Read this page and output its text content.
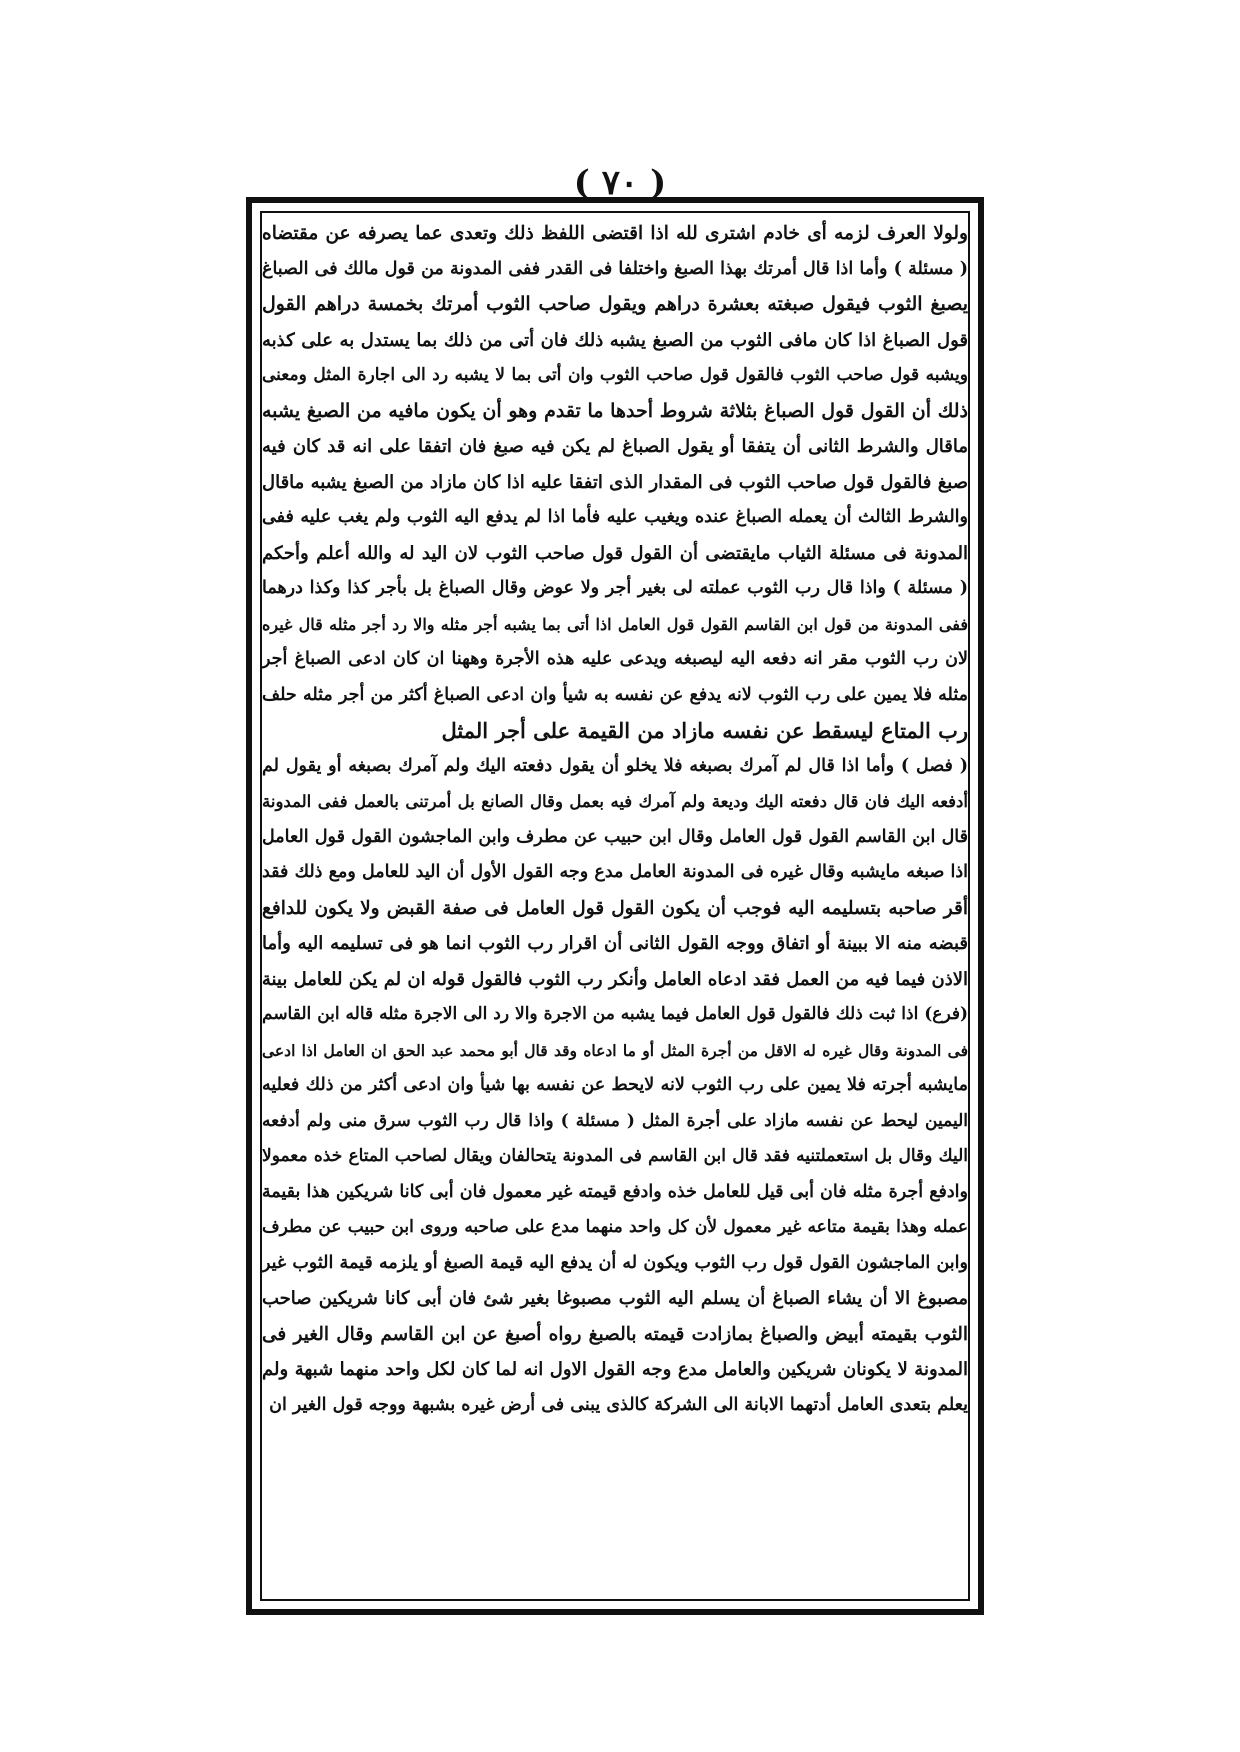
( ٧٠ )
ولولا العرف لزمه أى خادم اشترى لله اذا اقتضى اللفظ ذلك وتعدى عما يصرفه عن مقتضاه
( مسئلة ) وأما اذا قال أمرتك بهذا الصبغ واختلفا فى القدر ففى المدونة من قول مالك فى الصباغ
يصبغ الثوب فيقول صبغته بعشرة دراهم ويقول صاحب الثوب أمرتك بخمسة دراهم القول
قول الصباغ اذا كان مافى الثوب من الصبغ يشبه ذلك فان أتى من ذلك بما يستدل به على كذبه
ويشبه قول صاحب الثوب فالقول قول صاحب الثوب وان أتى بما لا يشبه رد الى اجارة المثل ومعنى
ذلك أن القول قول الصباغ بثلاثة شروط أحدها ما تقدم وهو أن يكون مافيه من الصبغ يشبه
ماقال والشرط الثانى أن يتفقا أو يقول الصباغ لم يكن فيه صبغ فان اتفقا على انه قد كان فيه
صبغ فالقول قول صاحب الثوب فى المقدار الذى اتفقا عليه اذا كان مازاد من الصبغ يشبه ماقال
والشرط الثالث أن يعمله الصباغ عنده ويغيب عليه فأما اذا لم يدفع اليه الثوب ولم يغب عليه ففى
المدونة فى مسئلة الثياب مايقتضى أن القول قول صاحب الثوب لان اليد له والله أعلم وأحكم
( مسئلة ) واذا قال رب الثوب عملته لى بغير أجر ولا عوض وقال الصباغ بل بأجر كذا وكذا درهما
ففى المدونة من قول ابن القاسم القول قول العامل اذا أتى بما يشبه أجر مثله والا رد أجر مثله قال غيره
لان رب الثوب مقر انه دفعه اليه ليصبغه ويدعى عليه هذه الأجرة وههنا ان كان ادعى الصباغ أجر
مثله فلا يمين على رب الثوب لانه يدفع عن نفسه به شيأ وان ادعى الصباغ أكثر من أجر مثله حلف
رب المتاع ليسقط عن نفسه مازاد من القيمة على أجر المثل
( فصل ) وأما اذا قال لم آمرك بصبغه فلا يخلو أن يقول دفعته اليك ولم آمرك بصبغه أو يقول لم
أدفعه اليك فان قال دفعته اليك وديعة ولم آمرك فيه بعمل وقال الصانع بل أمرتنى بالعمل ففى المدونة
قال ابن القاسم القول قول العامل وقال ابن حبيب عن مطرف وابن الماجشون القول قول العامل
اذا صبغه مايشبه وقال غيره فى المدونة العامل مدع وجه القول الأول أن اليد للعامل ومع ذلك فقد
أقر صاحبه بتسليمه اليه فوجب أن يكون القول قول العامل فى صفة القبض ولا يكون للدافع
قبضه منه الا ببينة أو اتفاق ووجه القول الثانى أن اقرار رب الثوب انما هو فى تسليمه اليه وأما
الاذن فيما فيه من العمل فقد ادعاه العامل وأنكر رب الثوب فالقول قوله ان لم يكن للعامل بينة
(فرع) اذا ثبت ذلك فالقول قول العامل فيما يشبه من الاجرة والا رد الى الاجرة مثله قاله ابن القاسم
فى المدونة وقال غيره له الاقل من أجرة المثل أو ما ادعاه وقد قال أبو محمد عبد الحق ان العامل اذا ادعى
مايشبه أجرته فلا يمين على رب الثوب لانه لايحط عن نفسه بها شيأ وان ادعى أكثر من ذلك فعليه
اليمين ليحط عن نفسه مازاد على أجرة المثل ( مسئلة ) واذا قال رب الثوب سرق منى ولم أدفعه
اليك وقال بل استعملتنيه فقد قال ابن القاسم فى المدونة يتحالفان ويقال لصاحب المتاع خذه معمولا
وادفع أجرة مثله فان أبى قيل للعامل خذه وادفع قيمته غير معمول فان أبى كانا شريكين هذا بقيمة
عمله وهذا بقيمة متاعه غير معمول لأن كل واحد منهما مدع على صاحبه وروى ابن حبيب عن مطرف
وابن الماجشون القول قول رب الثوب ويكون له أن يدفع اليه قيمة الصبغ أو يلزمه قيمة الثوب غير
مصبوغ الا أن يشاء الصباغ أن يسلم اليه الثوب مصبوغا بغير شئ فان أبى كانا شريكين صاحب
الثوب بقيمته أبيض والصباغ بمازادت قيمته بالصبغ رواه أصبغ عن ابن القاسم وقال الغير فى
المدونة لا يكونان شريكين والعامل مدع وجه القول الاول انه لما كان لكل واحد منهما شبهة ولم
يعلم بتعدى العامل أدتهما الابانة الى الشركة كالذى يبنى فى أرض غيره بشبهة ووجه قول الغير ان
